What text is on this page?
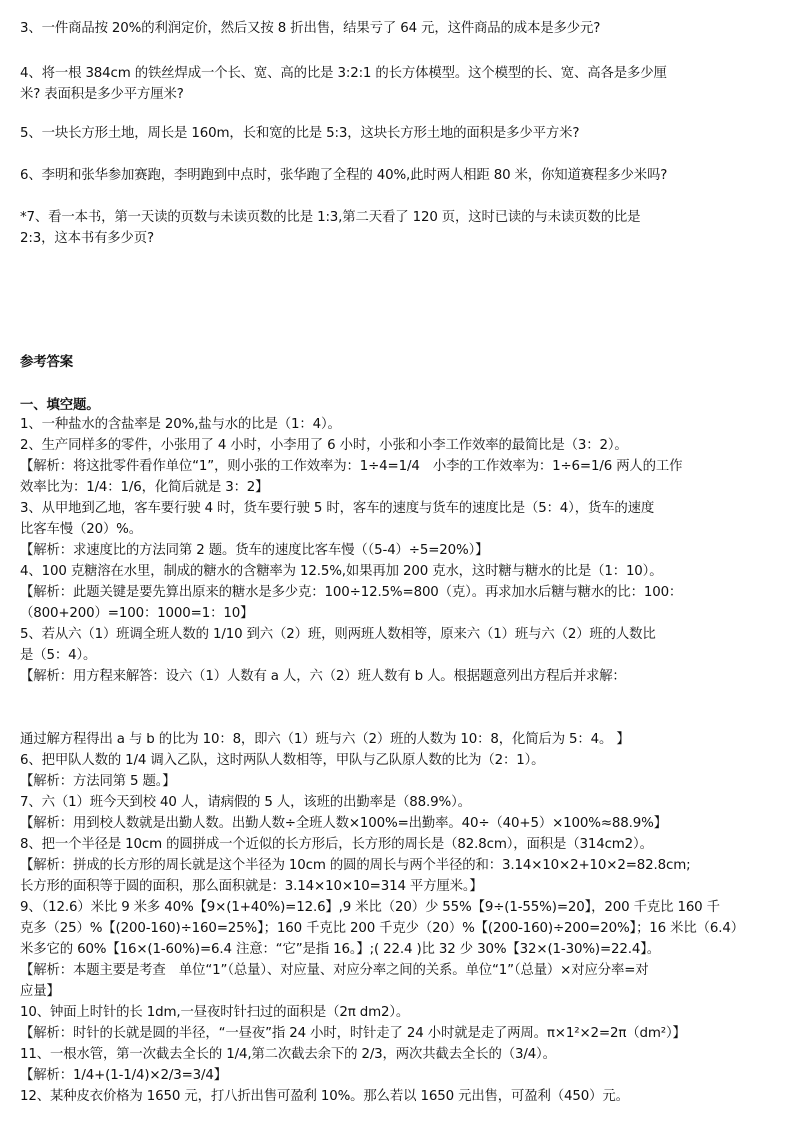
3、一件商品按 20%的利润定价，然后又按 8 折出售，结果亏了 64 元，这件商品的成本是多少元?

4、将一根 384cm 的铁丝焊成一个长、宽、高的比是 3:2:1 的长方体模型。这个模型的长、宽、高各是多少厘

米? 表面积是多少平方厘米?

5、一块长方形土地，周长是 160m，长和宽的比是 5:3，这块长方形土地的面积是多少平方米?

6、李明和张华参加赛跑，李明跑到中点时，张华跑了全程的 40%,此时两人相距 80 米，你知道赛程多少米吗?

*7、看一本书，第一天读的页数与未读页数的比是 1:3,第二天看了 120 页，这时已读的与未读页数的比是

2:3，这本书有多少页?

参考答案

一、填空题。

1、一种盐水的含盐率是 20%,盐与水的比是（1：4）。

2、生产同样多的零件，小张用了 4 小时，小李用了 6 小时，小张和小李工作效率的最简比是（3：2）。

【解析：将这批零件看作单位“1”，则小张的工作效率为：1÷4=1/4　小李的工作效率为：1÷6=1/6 两人的工作

效率比为：1/4：1/6，化简后就是 3：2】

3、从甲地到乙地，客车要行驶 4 时，货车要行驶 5 时，客车的速度与货车的速度比是（5：4），货车的速度

比客车慢（20）%。

【解析：求速度比的方法同第 2 题。货车的速度比客车慢（（5-4）÷5=20%）】

4、100 克糖溶在水里，制成的糖水的含糖率为 12.5%,如果再加 200 克水，这时糖与糖水的比是（1：10）。

【解析：此题关键是要先算出原来的糖水是多少克：100÷12.5%=800（克）。再求加水后糖与糖水的比：100：

（800+200）=100：1000=1：10】

5、若从六（1）班调全班人数的 1/10 到六（2）班，则两班人数相等，原来六（1）班与六（2）班的人数比

是（5：4）。

【解析：用方程来解答：设六（1）人数有 a 人，六（2）班人数有 b 人。根据题意列出方程后并求解：

通过解方程得出 a 与 b 的比为 10：8，即六（1）班与六（2）班的人数为 10：8，化简后为 5：4。 】

6、把甲队人数的 1/4 调入乙队，这时两队人数相等，甲队与乙队原人数的比为（2：1）。

【解析：方法同第 5 题。】

7、六（1）班今天到校 40 人，请病假的 5 人，该班的出勤率是（88.9%）。

【解析：用到校人数就是出勤人数。出勤人数÷全班人数×100%=出勤率。40÷（40+5）×100%≈88.9%】

8、把一个半径是 10cm 的圆拼成一个近似的长方形后，长方形的周长是（82.8cm），面积是（314cm2）。

【解析：拼成的长方形的周长就是这个半径为 10cm 的圆的周长与两个半径的和：3.14×10×2+10×2=82.8cm;

长方形的面积等于圆的面积，那么面积就是：3.14×10×10=314 平方厘米。】

9、（12.6）米比 9 米多 40%【9×(1+40%)=12.6】,9 米比（20）少 55%【9÷(1-55%)=20】，200 千克比 160 千

克多（25）%【(200-160)÷160=25%】；160 千克比 200 千克少（20）%【(200-160)÷200=20%】；16 米比（6.4）

米多它的 60%【16×(1-60%)=6.4 注意：“它”是指 16。】;( 22.4 )比 32 少 30%【32×(1-30%)=22.4】。

【解析：本题主要是考查　单位“1”（总量）、对应量、对应分率之间的关系。单位“1”（总量）×对应分率=对

应量】

10、钟面上时针的长 1dm,一昼夜时针扫过的面积是（2π dm2）。

【解析：时针的长就是圆的半径，“一昼夜”指 24 小时，时针走了 24 小时就是走了两周。π×1²×2=2π（dm²）】

11、一根水管，第一次截去全长的 1/4,第二次截去余下的 2/3，两次共截去全长的（3/4）。

【解析：1/4+(1-1/4)×2/3=3/4】

12、某种皮衣价格为 1650 元，打八折出售可盈利 10%。那么若以 1650 元出售，可盈利（450）元。
